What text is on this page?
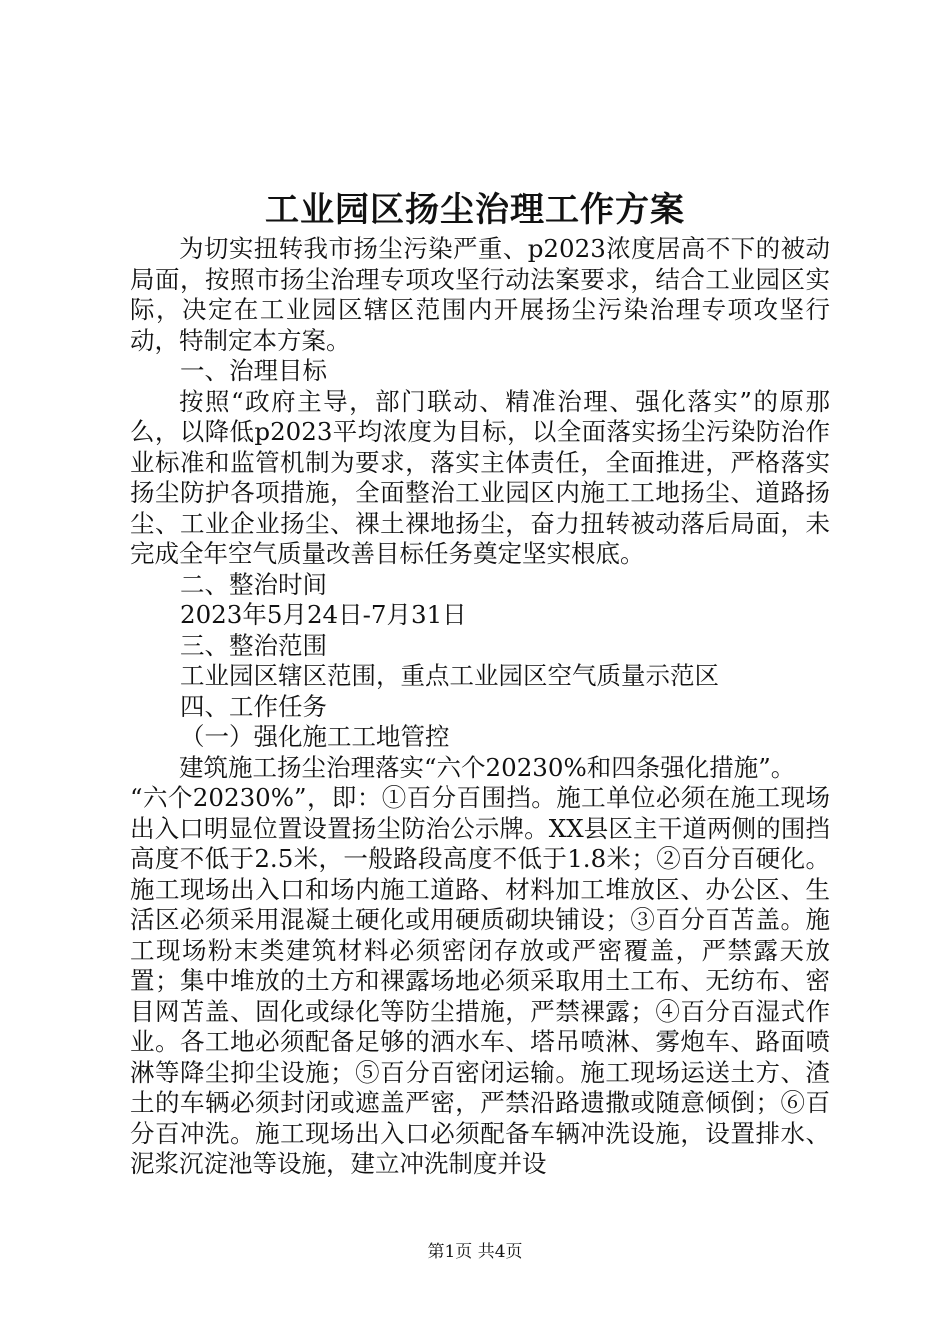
工业园区扬尘治理工作方案

为切实扭转我市扬尘污染严重、p2023浓度居高不下的被动局面，按照市扬尘治理专项攻坚行动法案要求，结合工业园区实际，决定在工业园区辖区范围内开展扬尘污染治理专项攻坚行动，特制定本方案。

一、治理目标

按照“政府主导，部门联动、精准治理、强化落实”的原那么，以降低p2023平均浓度为目标，以全面落实扬尘污染防治作业标准和监管机制为要求，落实主体责任，全面推进，严格落实扬尘防护各项措施，全面整治工业园区内施工工地扬尘、道路扬尘、工业企业扬尘、裸土裸地扬尘，奋力扭转被动落后局面，未完成全年空气质量改善目标任务奠定坚实根底。

二、整治时间

2023年5月24日-7月31日

三、整治范围

工业园区辖区范围，重点工业园区空气质量示范区

四、工作任务

（一）强化施工工地管控

建筑施工扬尘治理落实“六个20230%和四条强化措施”。

“六个20230%”，即：①百分百围挡。施工单位必须在施工现场出入口明显位置设置扬尘防治公示牌。XX县区主干道两侧的围挡高度不低于2.5米，一般路段高度不低于1.8米；②百分百硬化。施工现场出入口和场内施工道路、材料加工堆放区、办公区、生活区必须采用混凝土硬化或用硬质砌块铺设；③百分百苫盖。施工现场粉末类建筑材料必须密闭存放或严密覆盖，严禁露天放置；集中堆放的土方和裸露场地必须采取用土工布、无纺布、密目网苫盖、固化或绿化等防尘措施，严禁裸露；④百分百湿式作业。各工地必须配备足够的洒水车、塔吊喷淋、雾炮车、路面喷淋等降尘抑尘设施；⑤百分百密闭运输。施工现场运送土方、渣土的车辆必须封闭或遮盖严密，严禁沿路遗撒或随意倾倒；⑥百分百冲洗。施工现场出入口必须配备车辆冲洗设施，设置排水、泥浆沉淀池等设施，建立冲洗制度并设

第1页 共4页
